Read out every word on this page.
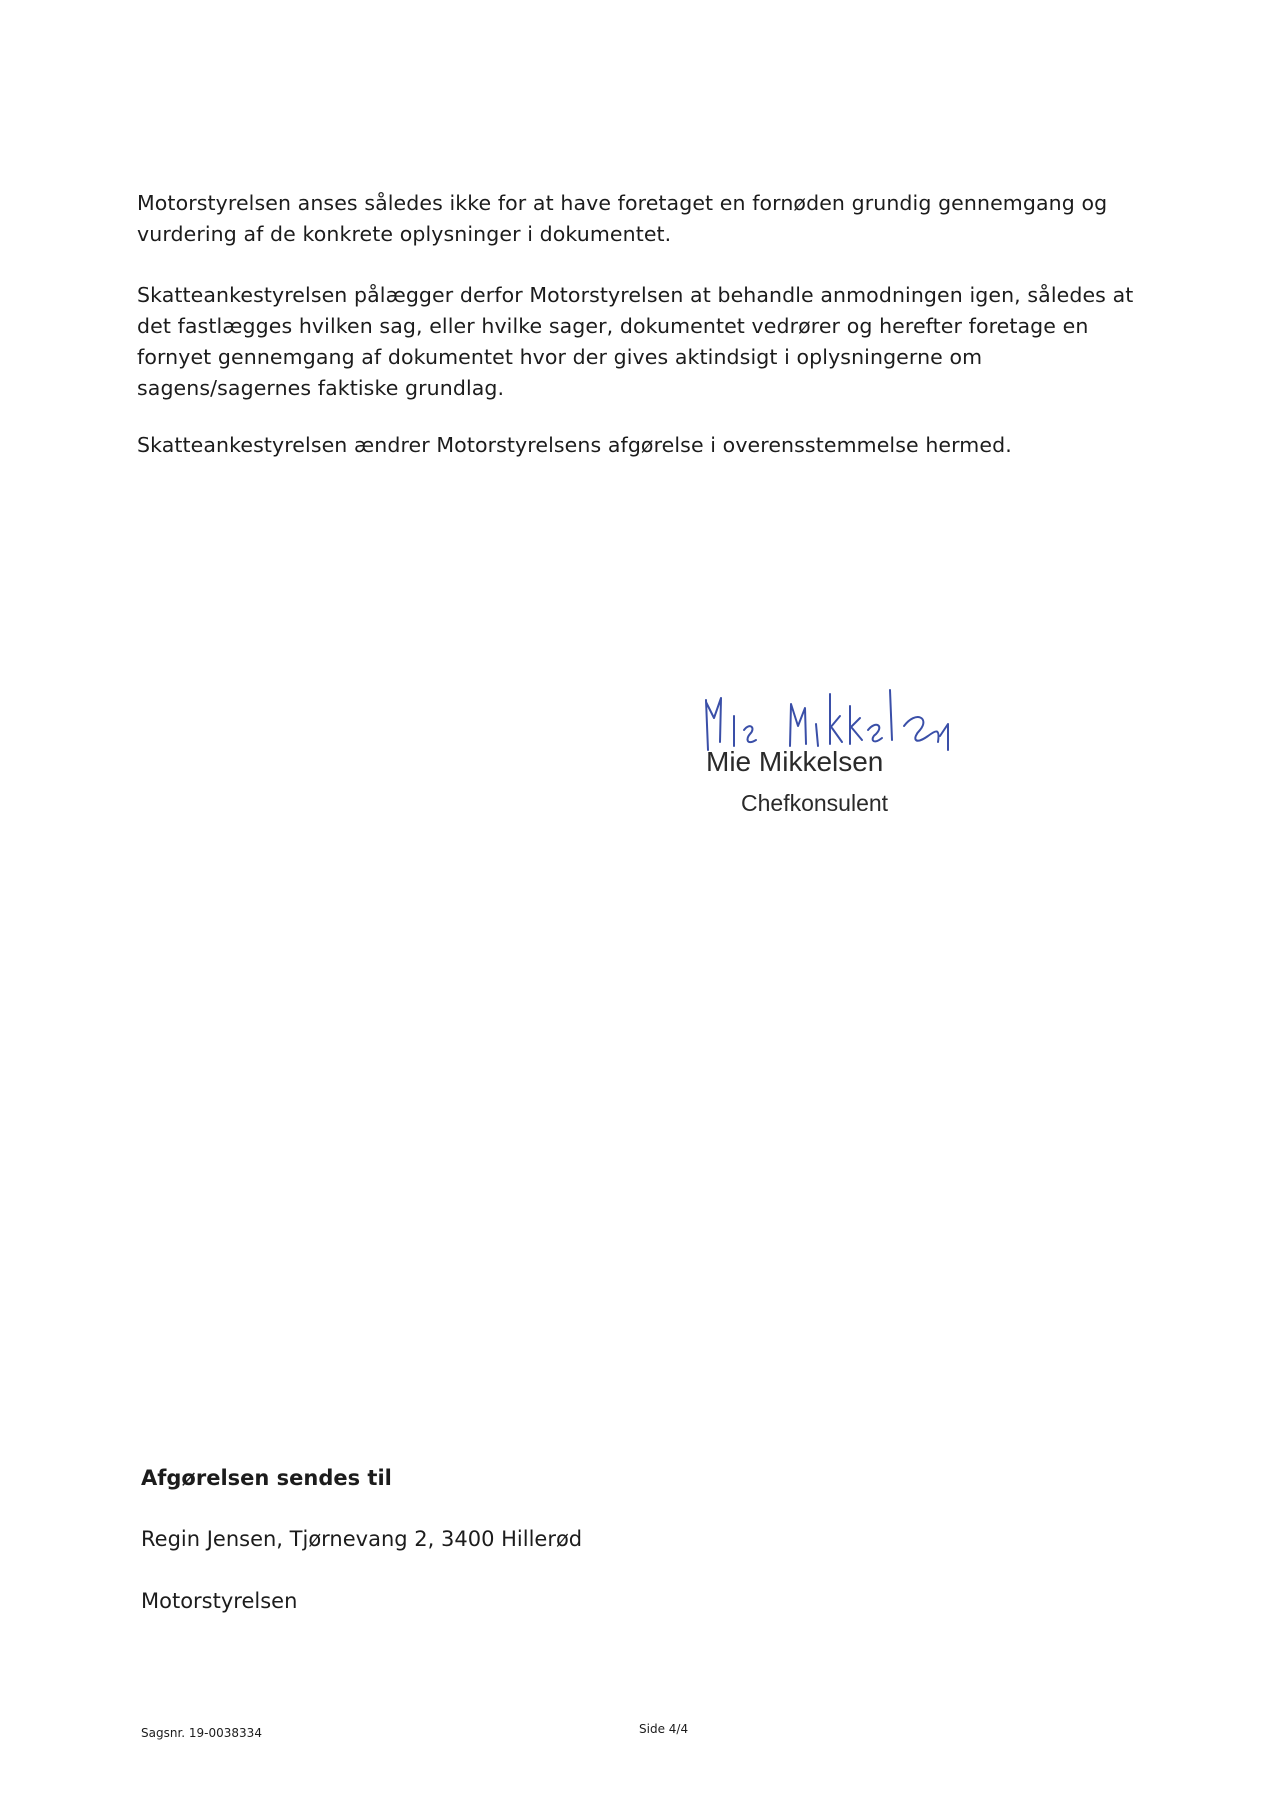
Motorstyrelsen anses således ikke for at have foretaget en fornøden grundig gennemgang og vurdering af de konkrete oplysninger i dokumentet.

Skatteankestyrelsen pålægger derfor Motorstyrelsen at behandle anmodningen igen, således at det fastlægges hvilken sag, eller hvilke sager, dokumentet vedrører og herefter foretage en fornyet gennemgang af dokumentet hvor der gives aktindsigt i oplysningerne om sagens/sagernes faktiske grundlag.

Skatteankestyrelsen ændrer Motorstyrelsens afgørelse i overensstemmelse hermed.

Mie Mikkelsen

Chefkonsulent

Afgørelsen sendes til

Regin Jensen, Tjørnevang 2, 3400 Hillerød

Motorstyrelsen

Sagsnr. 19-0038334	Side 4/4
